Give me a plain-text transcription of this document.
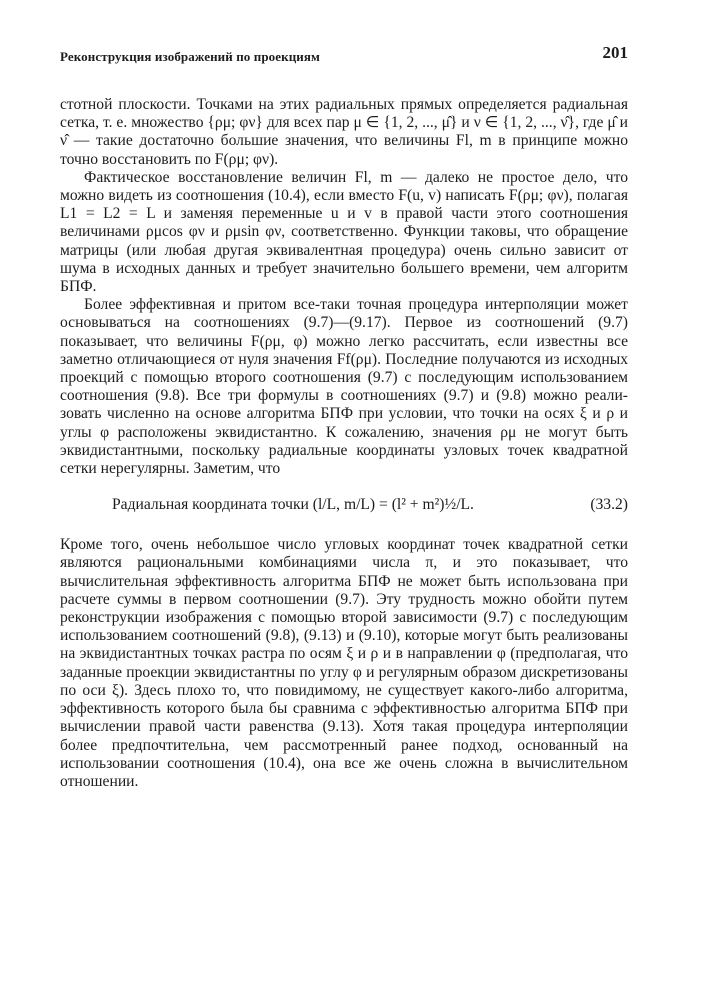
Реконструкция изображений по проекциям	201

стотной плоскости. Точками на этих радиальных прямых определяется радиальная сетка, т. е. множество {ρμ; φν} для всех пар μ ∈ {1, 2, ..., μ̂} и ν ∈ {1, 2, ..., ν̂}, где μ̂ и ν̂ — такие достаточно большие значения, что величины Fl, m в принципе можно точно восстановить по F(ρμ; φν).

Фактическое восстановление величин Fl, m — далеко не простое дело, что можно видеть из соотношения (10.4), если вместо F(u, v) написать F(ρμ; φν), полагая L1 = L2 = L и заменяя переменные u и v в правой части этого соотношения величинами ρμcos φν и ρμsin φν, соответственно. Функции таковы, что обращение матрицы (или любая другая эквивалентная процедура) очень сильно зависит от шума в исходных данных и требует значительно большего времени, чем алгоритм БПФ.

Более эффективная и притом все-таки точная процедура интерполяции может основываться на соотношениях (9.7)—(9.17). Первое из соотношений (9.7) показывает, что величины F(ρμ, φ) можно легко рассчитать, если известны все заметно отличающиеся от нуля значения Ff(ρμ). Последние получаются из исходных проекций с помощью второго соотношения (9.7) с последующим использованием соотношения (9.8). Все три формулы в соотношениях (9.7) и (9.8) можно реализовать численно на основе алгоритма БПФ при условии, что точки на осях ξ и ρ и углы φ расположены эквидистантно. К сожалению, значения ρμ не могут быть эквидистантными, поскольку радиальные координаты узловых точек квадратной сетки нерегулярны. Заметим, что

Радиальная координата точки (l/L, m/L) = (l² + m²)½/L.	(33.2)

Кроме того, очень небольшое число угловых координат точек квадратной сетки являются рациональными комбинациями числа π, и это показывает, что вычислительная эффективность алгоритма БПФ не может быть использована при расчете суммы в первом соотношении (9.7). Эту трудность можно обойти путем реконструкции изображения с помощью второй зависимости (9.7) с последующим использованием соотношений (9.8), (9.13) и (9.10), которые могут быть реализованы на эквидистантных точках растра по осям ξ и ρ и в направлении φ (предполагая, что заданные проекции эквидистантны по углу φ и регулярным образом дискретизованы по оси ξ). Здесь плохо то, что повидимому, не существует какого-либо алгоритма, эффективность которого была бы сравнима с эффективностью алгоритма БПФ при вычислении правой части равенства (9.13). Хотя такая процедура интерполяции более предпочтительна, чем рассмотренный ранее подход, основанный на использовании соотношения (10.4), она все же очень сложна в вычислительном отношении.
